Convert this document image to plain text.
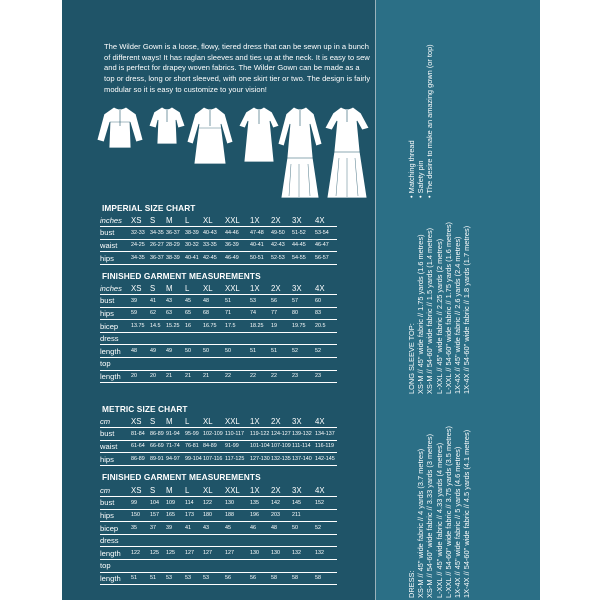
The Wilder Gown is a loose, flowy, tiered dress that can be sewn up in a bunch of different ways! It has raglan sleeves and ties up at the neck. It is easy to sew and is perfect for drapey woven fabrics. The Wilder Gown can be made as a top or dress, long or short sleeved, with one skirt tier or two. The design is fairly modular so it is easy to customize to your vision!
IMPERIAL SIZE CHART
inches	XS	S	M	L	XL	XXL	1X	2X	3X	4X
bust	32-33	34-35	36-37	38-39	40-43	44-46	47-48	49-50	51-52	53-54
waist	24-25	26-27	28-29	30-32	33-35	36-39	40-41	42-43	44-45	46-47
hips	34-35	36-37	38-39	40-41	42-45	46-49	50-51	52-53	54-55	56-57
FINISHED GARMENT MEASUREMENTS
inches	XS	S	M	L	XL	XXL	1X	2X	3X	4X
bust	39	41	43	45	48	51	53	56	57	60
hips	59	62	63	65	68	71	74	77	80	83
bicep	13.75	14.5	15.25	16	16.75	17.5	18.25	19	19.75	20.5
dress										
length	48	49	49	50	50	50	51	51	52	52
top										
length	20	20	21	21	21	22	22	22	23	23
METRIC SIZE CHART
cm	XS	S	M	L	XL	XXL	1X	2X	3X	4X
bust	81-84	86-89	91-94	95-99	102-109	110-117	119-122	124-127	139-132	134-137
waist	61-64	66-69	71-74	76-81	84-89	91-99	101-104	107-109	111-114	116-119
hips	86-89	89-91	94-97	99-104	107-116	117-125	127-130	132-135	137-140	142-145
FINISHED GARMENT MEASUREMENTS
cm	XS	S	M	L	XL	XXL	1X	2X	3X	4X
bust	99	104	109	114	122	130	135	142	145	152
hips	150	157	165	173	180	188	196	203	211	
bicep	35	37	39	41	43	45	46	48	50	52
dress										
length	122	125	125	127	127	127	130	130	132	132
top										
length	51	51	53	53	53	56	56	58	58	58
• Matching thread
• Safety pin
• The desire to make an amazing gown (or top)
LONG SLEEVE TOP: XS-M // 45" wide fabric // 1.75 yards (1.6 metres) XS-M // 54-60" wide fabric // 1.5 yards (1.4 metres) L-XXL // 45" wide fabric // 2.25 yards (2 metres) L-XXL // 54-60" wide fabric // 1.75 yards (1.6 metres) 1X-4X // 45" wide fabric // 2.6 yards (2.4 metres) 1X-4X // 54-60" wide fabric // 1.8 yards (1.7 metres)
DRESS: XS-M // 45" wide fabric // 4 yards (3.7 metres) XS-M // 54-60" wide fabric // 3.33 yards (3 metres) L-XXL // 45" wide fabric // 4.33 yards (4 metres) L-XXL // 54-60" wide fabric // 3.75 yards (3.5 metres) 1X-4X // 45" wide fabric // 5 yards (4.6 metres) 1X-4X // 54-60" wide fabric // 4.5 yards (4.1 metres)
